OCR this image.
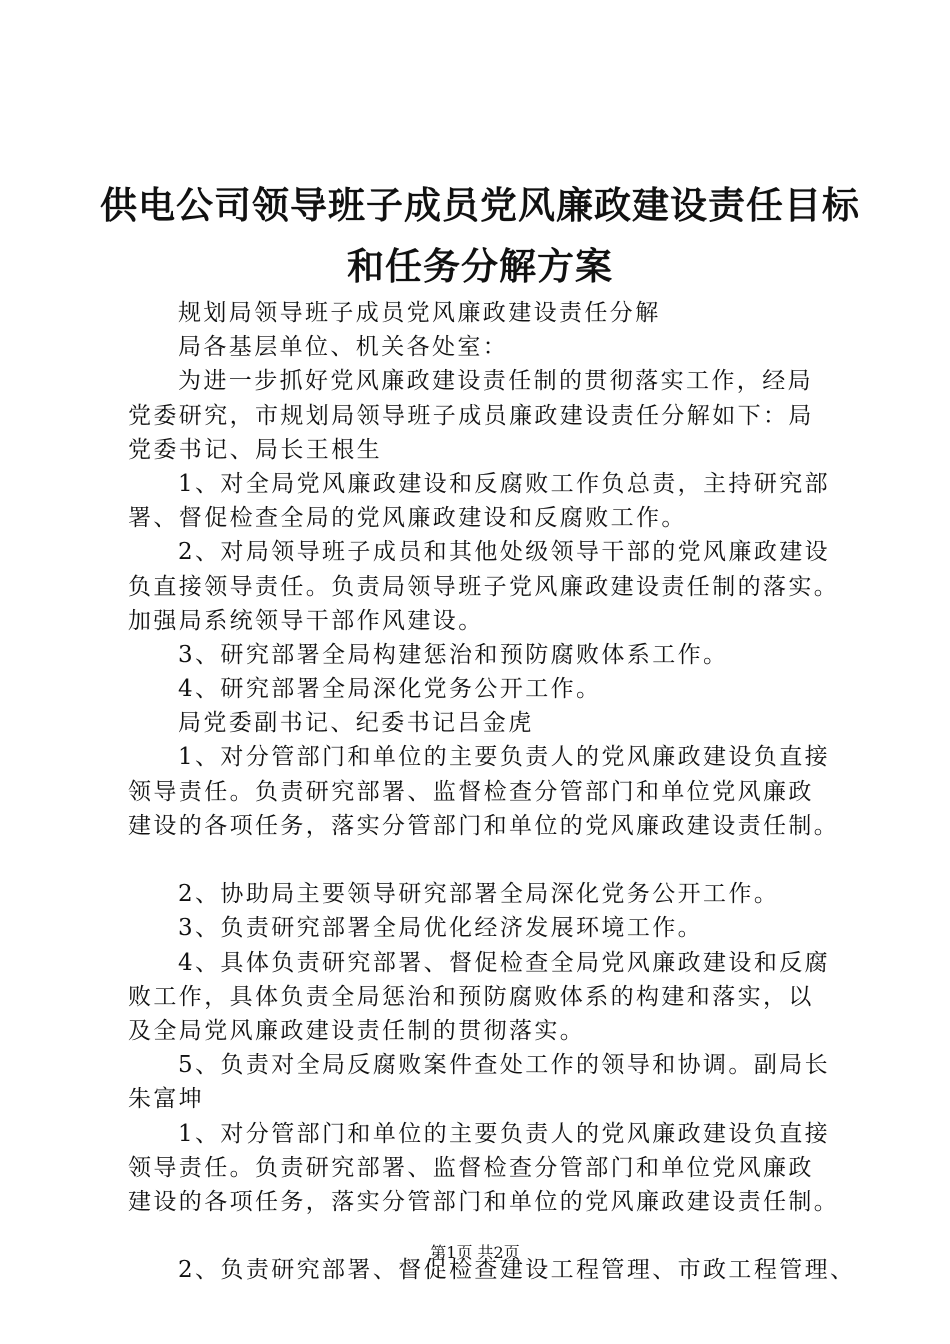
供电公司领导班子成员党风廉政建设责任目标
和任务分解方案
规划局领导班子成员党风廉政建设责任分解
局各基层单位、机关各处室：
为进一步抓好党风廉政建设责任制的贯彻落实工作，经局
党委研究，市规划局领导班子成员廉政建设责任分解如下：局
党委书记、局长王根生
1、对全局党风廉政建设和反腐败工作负总责，主持研究部
署、督促检查全局的党风廉政建设和反腐败工作。
2、对局领导班子成员和其他处级领导干部的党风廉政建设
负直接领导责任。负责局领导班子党风廉政建设责任制的落实。
加强局系统领导干部作风建设。
3、研究部署全局构建惩治和预防腐败体系工作。
4、研究部署全局深化党务公开工作。
局党委副书记、纪委书记吕金虎
1、对分管部门和单位的主要负责人的党风廉政建设负直接
领导责任。负责研究部署、监督检查分管部门和单位党风廉政
建设的各项任务，落实分管部门和单位的党风廉政建设责任制。
2、协助局主要领导研究部署全局深化党务公开工作。
3、负责研究部署全局优化经济发展环境工作。
4、具体负责研究部署、督促检查全局党风廉政建设和反腐
败工作，具体负责全局惩治和预防腐败体系的构建和落实，以
及全局党风廉政建设责任制的贯彻落实。
5、负责对全局反腐败案件查处工作的领导和协调。副局长
朱富坤
1、对分管部门和单位的主要负责人的党风廉政建设负直接
领导责任。负责研究部署、监督检查分管部门和单位党风廉政
建设的各项任务，落实分管部门和单位的党风廉政建设责任制。
2、负责研究部署、督促检查建设工程管理、市政工程管理、
第1页 共2页
